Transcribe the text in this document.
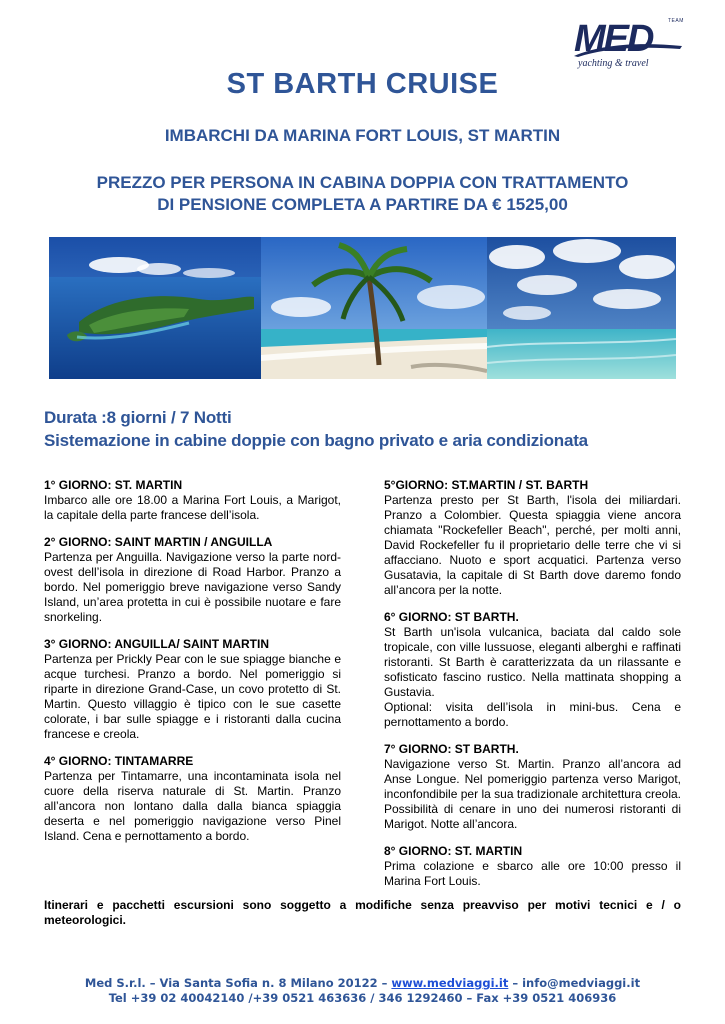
MED	TEAM
yachting & travel
ST BARTH CRUISE
IMBARCHI DA MARINA FORT LOUIS, ST MARTIN
PREZZO PER PERSONA IN CABINA DOPPIA CON TRATTAMENTO
DI PENSIONE COMPLETA A PARTIRE DA € 1525,00
Durata :8 giorni / 7 Notti
Sistemazione in cabine doppie con bagno privato e aria condizionata
1° GIORNO: ST. MARTIN

Imbarco alle ore 18.00 a Marina Fort Louis, a Marigot, la capitale della parte francese dell’isola.

2° GIORNO: SAINT MARTIN / ANGUILLA

Partenza per Anguilla. Navigazione verso la parte nord-ovest dell’isola in direzione di Road Harbor. Pranzo a bordo. Nel pomeriggio breve navigazione verso Sandy Island, un’area protetta in cui è possibile nuotare e fare snorkeling.

3° GIORNO: ANGUILLA/ SAINT MARTIN

Partenza per Prickly Pear con le sue spiagge bianche e acque turchesi. Pranzo a bordo. Nel pomeriggio si riparte in direzione Grand-Case, un covo protetto di St. Martin. Questo villaggio è tipico con le sue casette colorate, i bar sulle spiagge e i ristoranti dalla cucina francese e creola.

4° GIORNO: TINTAMARRE

Partenza per Tintamarre, una incontaminata isola nel cuore della riserva naturale di St. Martin. Pranzo all’ancora non lontano dalla dalla bianca spiaggia deserta e nel pomeriggio navigazione verso Pinel Island. Cena e pernottamento a bordo.

5°GIORNO: ST.MARTIN / ST. BARTH

Partenza presto per St Barth, l'isola dei miliardari. Pranzo a Colombier. Questa spiaggia viene ancora chiamata "Rockefeller Beach", perché, per molti anni, David Rockefeller fu il proprietario delle terre che vi si affacciano. Nuoto e sport acquatici. Partenza verso Gusatavia, la capitale di St Barth dove daremo fondo all’ancora per la notte.

6° GIORNO: ST BARTH.

St Barth un'isola vulcanica, baciata dal caldo sole tropicale, con ville lussuose, eleganti alberghi e raffinati ristoranti. St Barth è caratterizzata da un rilassante e sofisticato fascino rustico. Nella mattinata shopping a Gustavia.

Optional: visita dell’isola in mini-bus. Cena e pernottamento a bordo.

7° GIORNO: ST BARTH.

Navigazione verso St. Martin. Pranzo all’ancora ad Anse Longue. Nel pomeriggio partenza verso Marigot, inconfondibile per la sua tradizionale architettura creola. Possibilità di cenare in uno dei numerosi ristoranti di Marigot. Notte all’ancora.

8° GIORNO: ST. MARTIN

Prima colazione e sbarco alle ore 10:00 presso il Marina Fort Louis.

Itinerari e pacchetti escursioni sono soggetto a modifiche senza preavviso per motivi tecnici e / o meteorologici.
Med S.r.l. – Via Santa Sofia n. 8 Milano 20122 – www.medviaggi.it – info@medviaggi.it
Tel +39 02 40042140 /+39 0521 463636 / 346 1292460 – Fax +39 0521 406936
